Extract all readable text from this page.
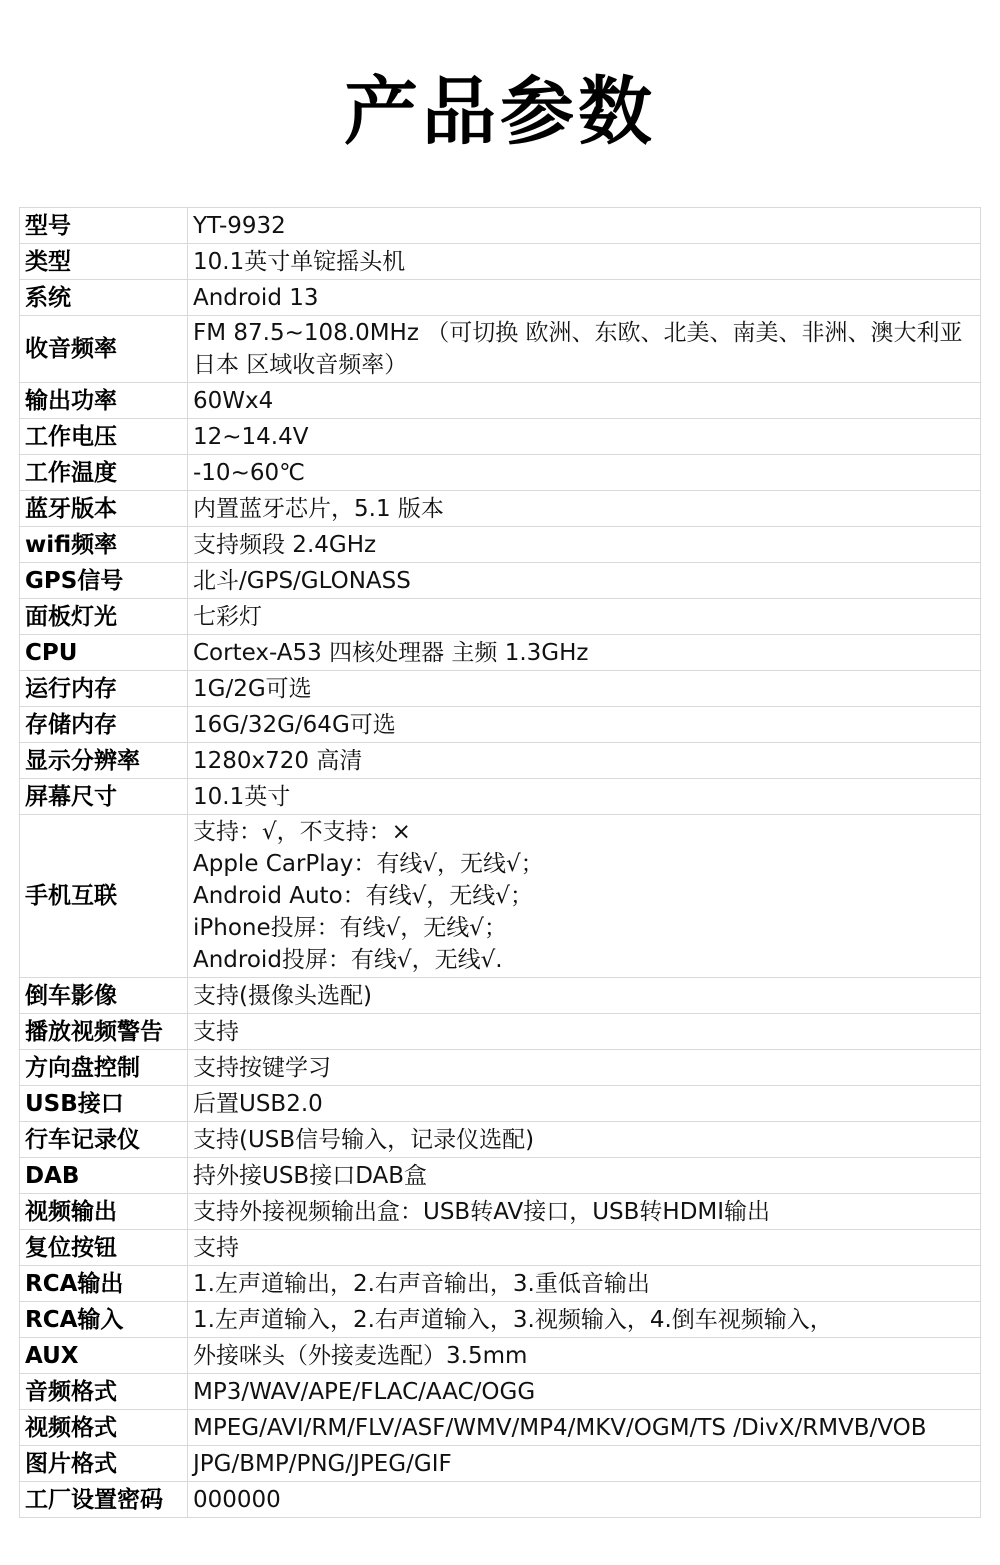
产品参数
型号	YT-9932

类型	10.1英寸单锭摇头机

系统	Android 13

收音频率	FM 87.5~108.0MHz （可切换 欧洲、东欧、北美、南美、非洲、澳大利亚
日本 区域收音频率）

输出功率	60Wx4

工作电压	12~14.4V

工作温度	-10~60℃

蓝牙版本	内置蓝牙芯片，5.1 版本

wifi频率	支持频段 2.4GHz

GPS信号	北斗/GPS/GLONASS

面板灯光	七彩灯

CPU	Cortex-A53 四核处理器 主频 1.3GHz

运行内存	1G/2G可选

存储内存	16G/32G/64G可选

显示分辨率	1280x720 高清

屏幕尺寸	10.1英寸

手机互联	支持：√，不支持：×
Apple CarPlay：有线√，无线√；
Android Auto：有线√，无线√；
iPhone投屏：有线√，无线√；
Android投屏：有线√，无线√.

倒车影像	支持(摄像头选配)

播放视频警告	支持

方向盘控制	支持按键学习

USB接口	后置USB2.0

行车记录仪	支持(USB信号输入，记录仪选配)

DAB	持外接USB接口DAB盒

视频输出	支持外接视频输出盒：USB转AV接口，USB转HDMI输出

复位按钮	支持

RCA输出	1.左声道输出，2.右声音输出，3.重低音输出

RCA输入	1.左声道输入，2.右声道输入，3.视频输入，4.倒车视频输入，

AUX	外接咪头（外接麦选配）3.5mm

音频格式	MP3/WAV/APE/FLAC/AAC/OGG

视频格式	MPEG/AVI/RM/FLV/ASF/WMV/MP4/MKV/OGM/TS /DivX/RMVB/VOB

图片格式	JPG/BMP/PNG/JPEG/GIF

工厂设置密码	000000
